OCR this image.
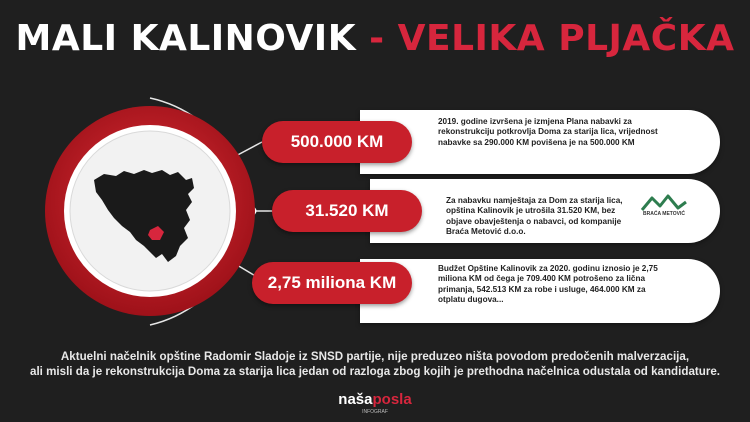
MALI KALINOVIK - VELIKA PLJAČKA
500.000 KM
2019. godine izvršena je izmjena Plana nabavki za rekonstrukciju potkrovlja Doma za starija lica, vrijednost nabavke sa 290.000 KM povišena je na 500.000 KM
31.520 KM
Za nabavku namještaja za Dom za starija lica, opština Kalinovik je utrošila 31.520 KM, bez objave obavještenja o nabavci, od kompanije Braća Metović d.o.o.
BRAĆA METOVIĆ
2,75 miliona KM
Budžet Opštine Kalinovik za 2020. godinu iznosio je 2,75 miliona KM od čega je 709.400 KM potrošeno za lična primanja, 542.513 KM za robe i usluge, 464.000 KM za otplatu dugova...
Aktuelni načelnik opštine Radomir Sladoje iz SNSD partije, nije preduzeo ništa povodom predočenih malverzacija,
ali misli da je rekonstrukcija Doma za starija lica jedan od razloga zbog kojih je prethodna načelnica odustala od kandidature.
našaposla
INFOGRAF
